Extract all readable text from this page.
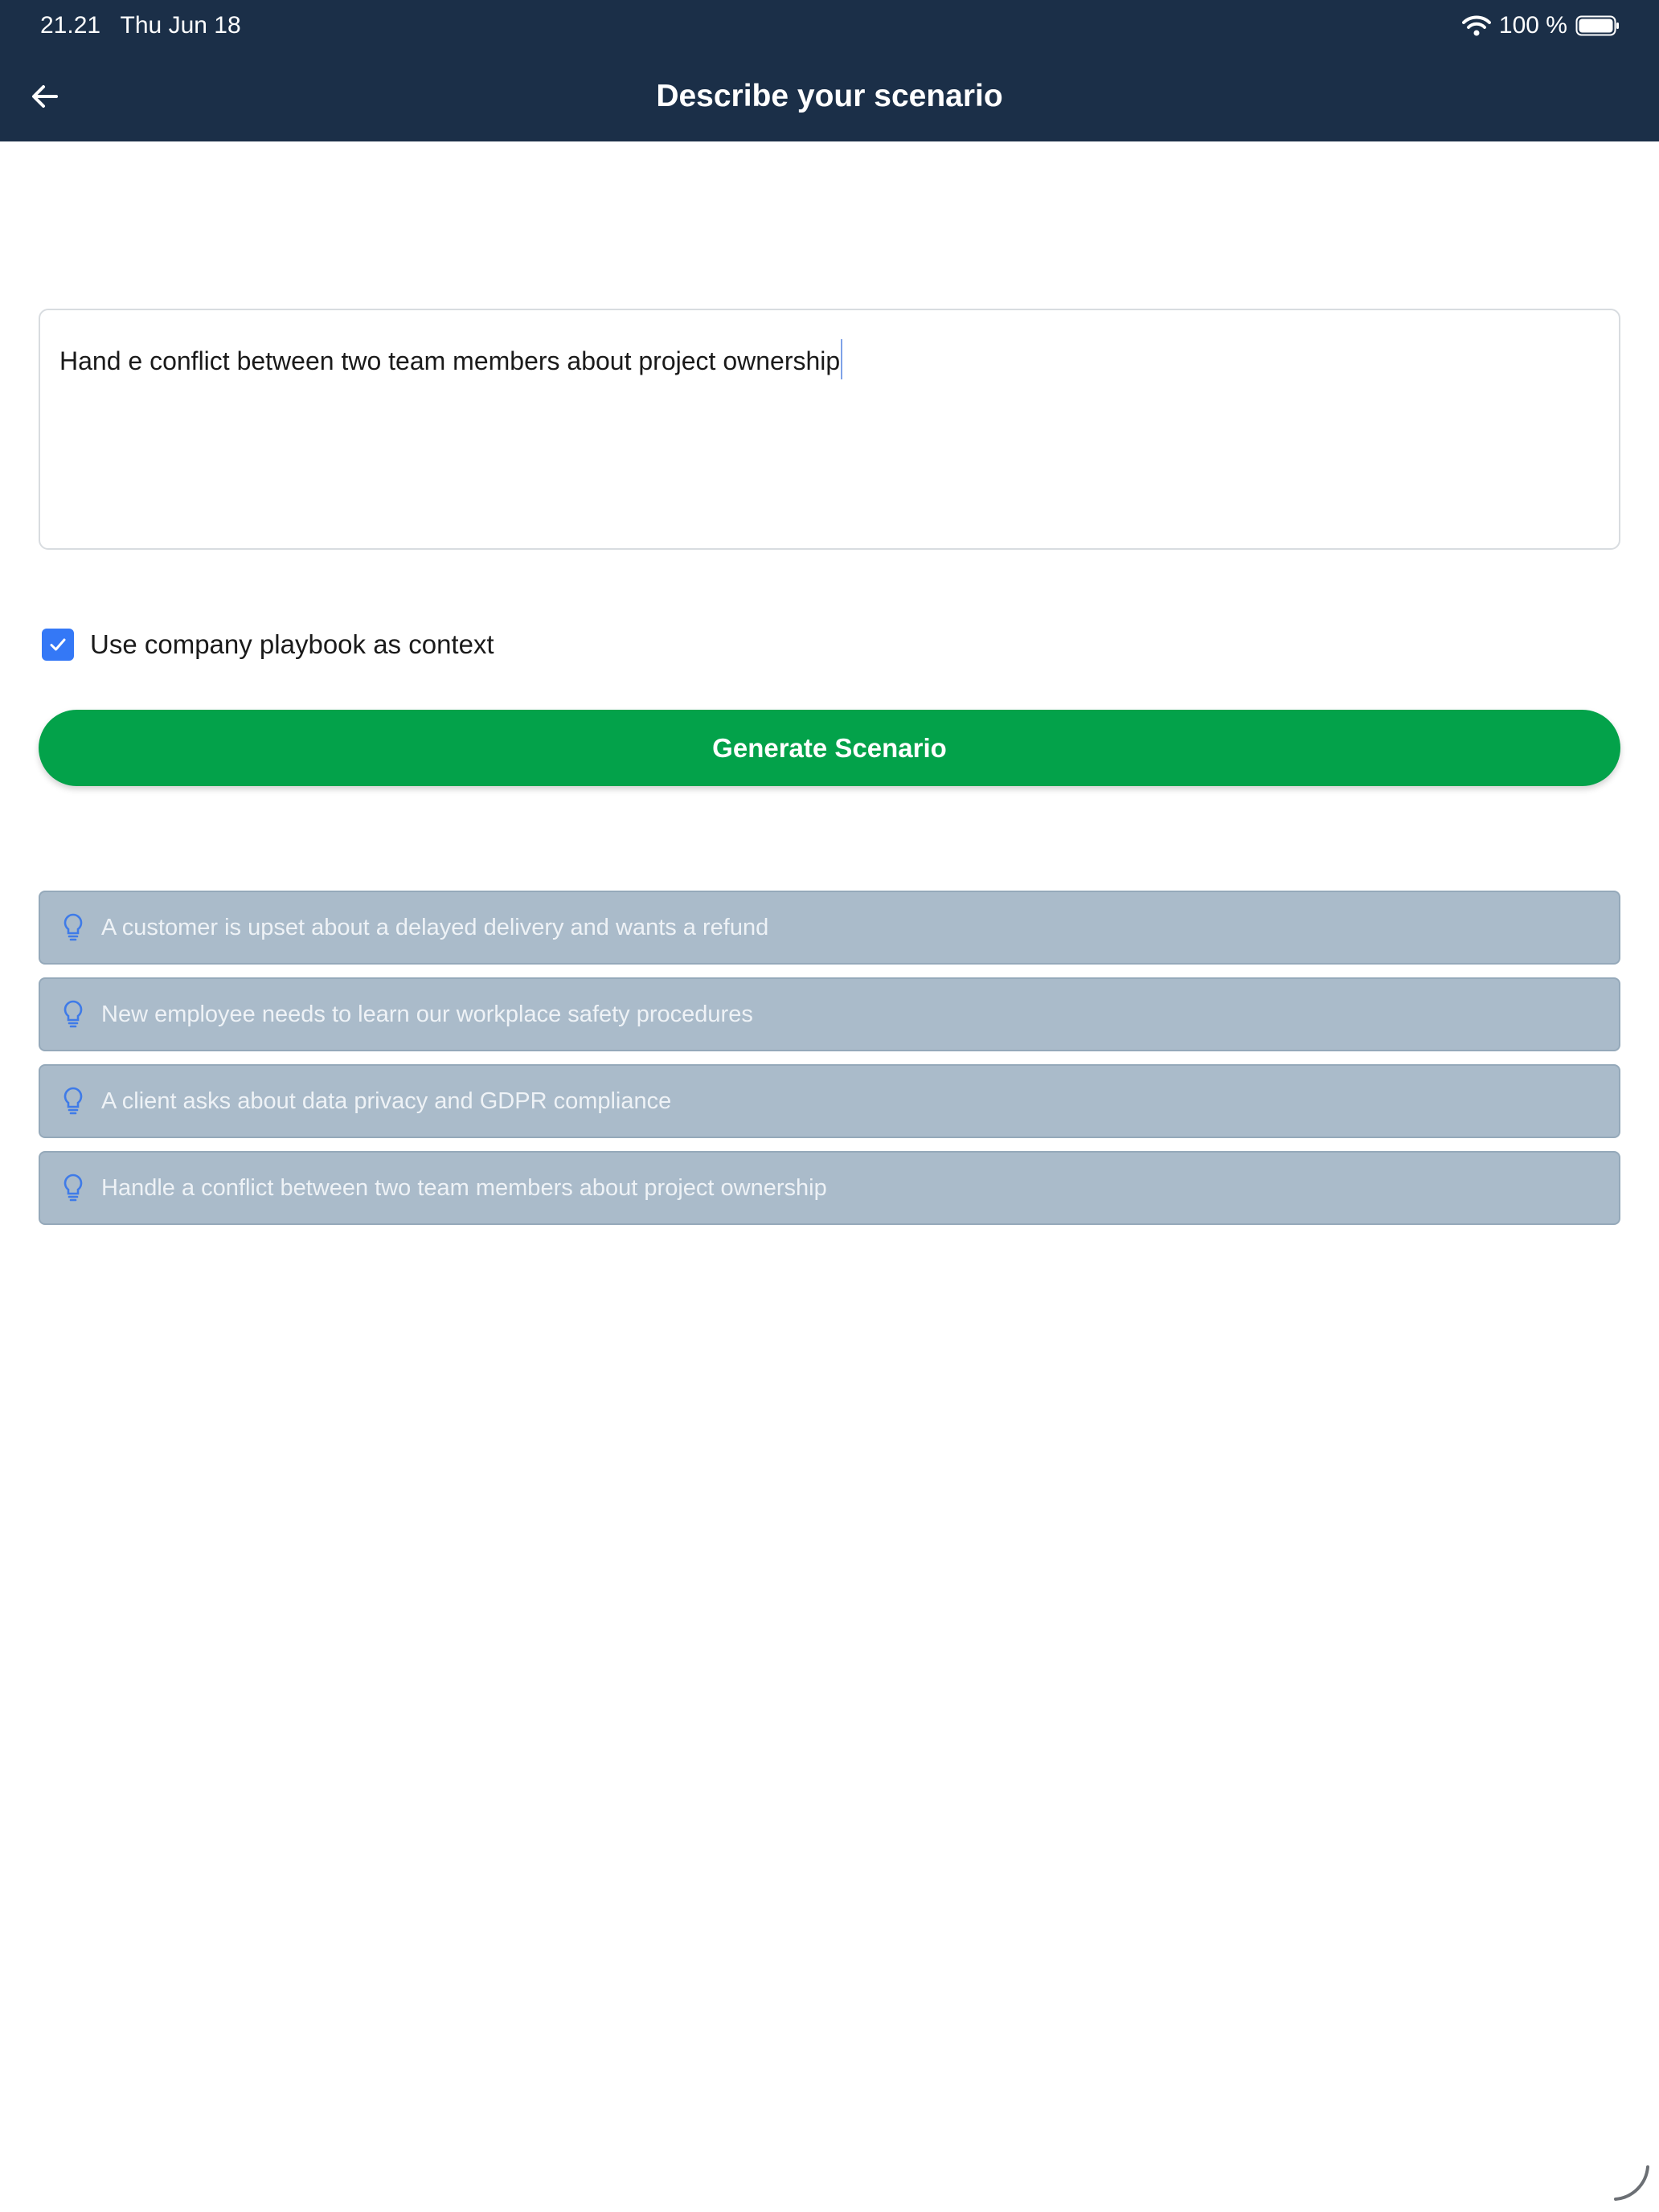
21.21 Thu Jun 18	100 %
Describe your scenario
Hand e conflict between two team members about project ownership
Use company playbook as context
Generate Scenario
A customer is upset about a delayed delivery and wants a refund
New employee needs to learn our workplace safety procedures
A client asks about data privacy and GDPR compliance
Handle a conflict between two team members about project ownership
